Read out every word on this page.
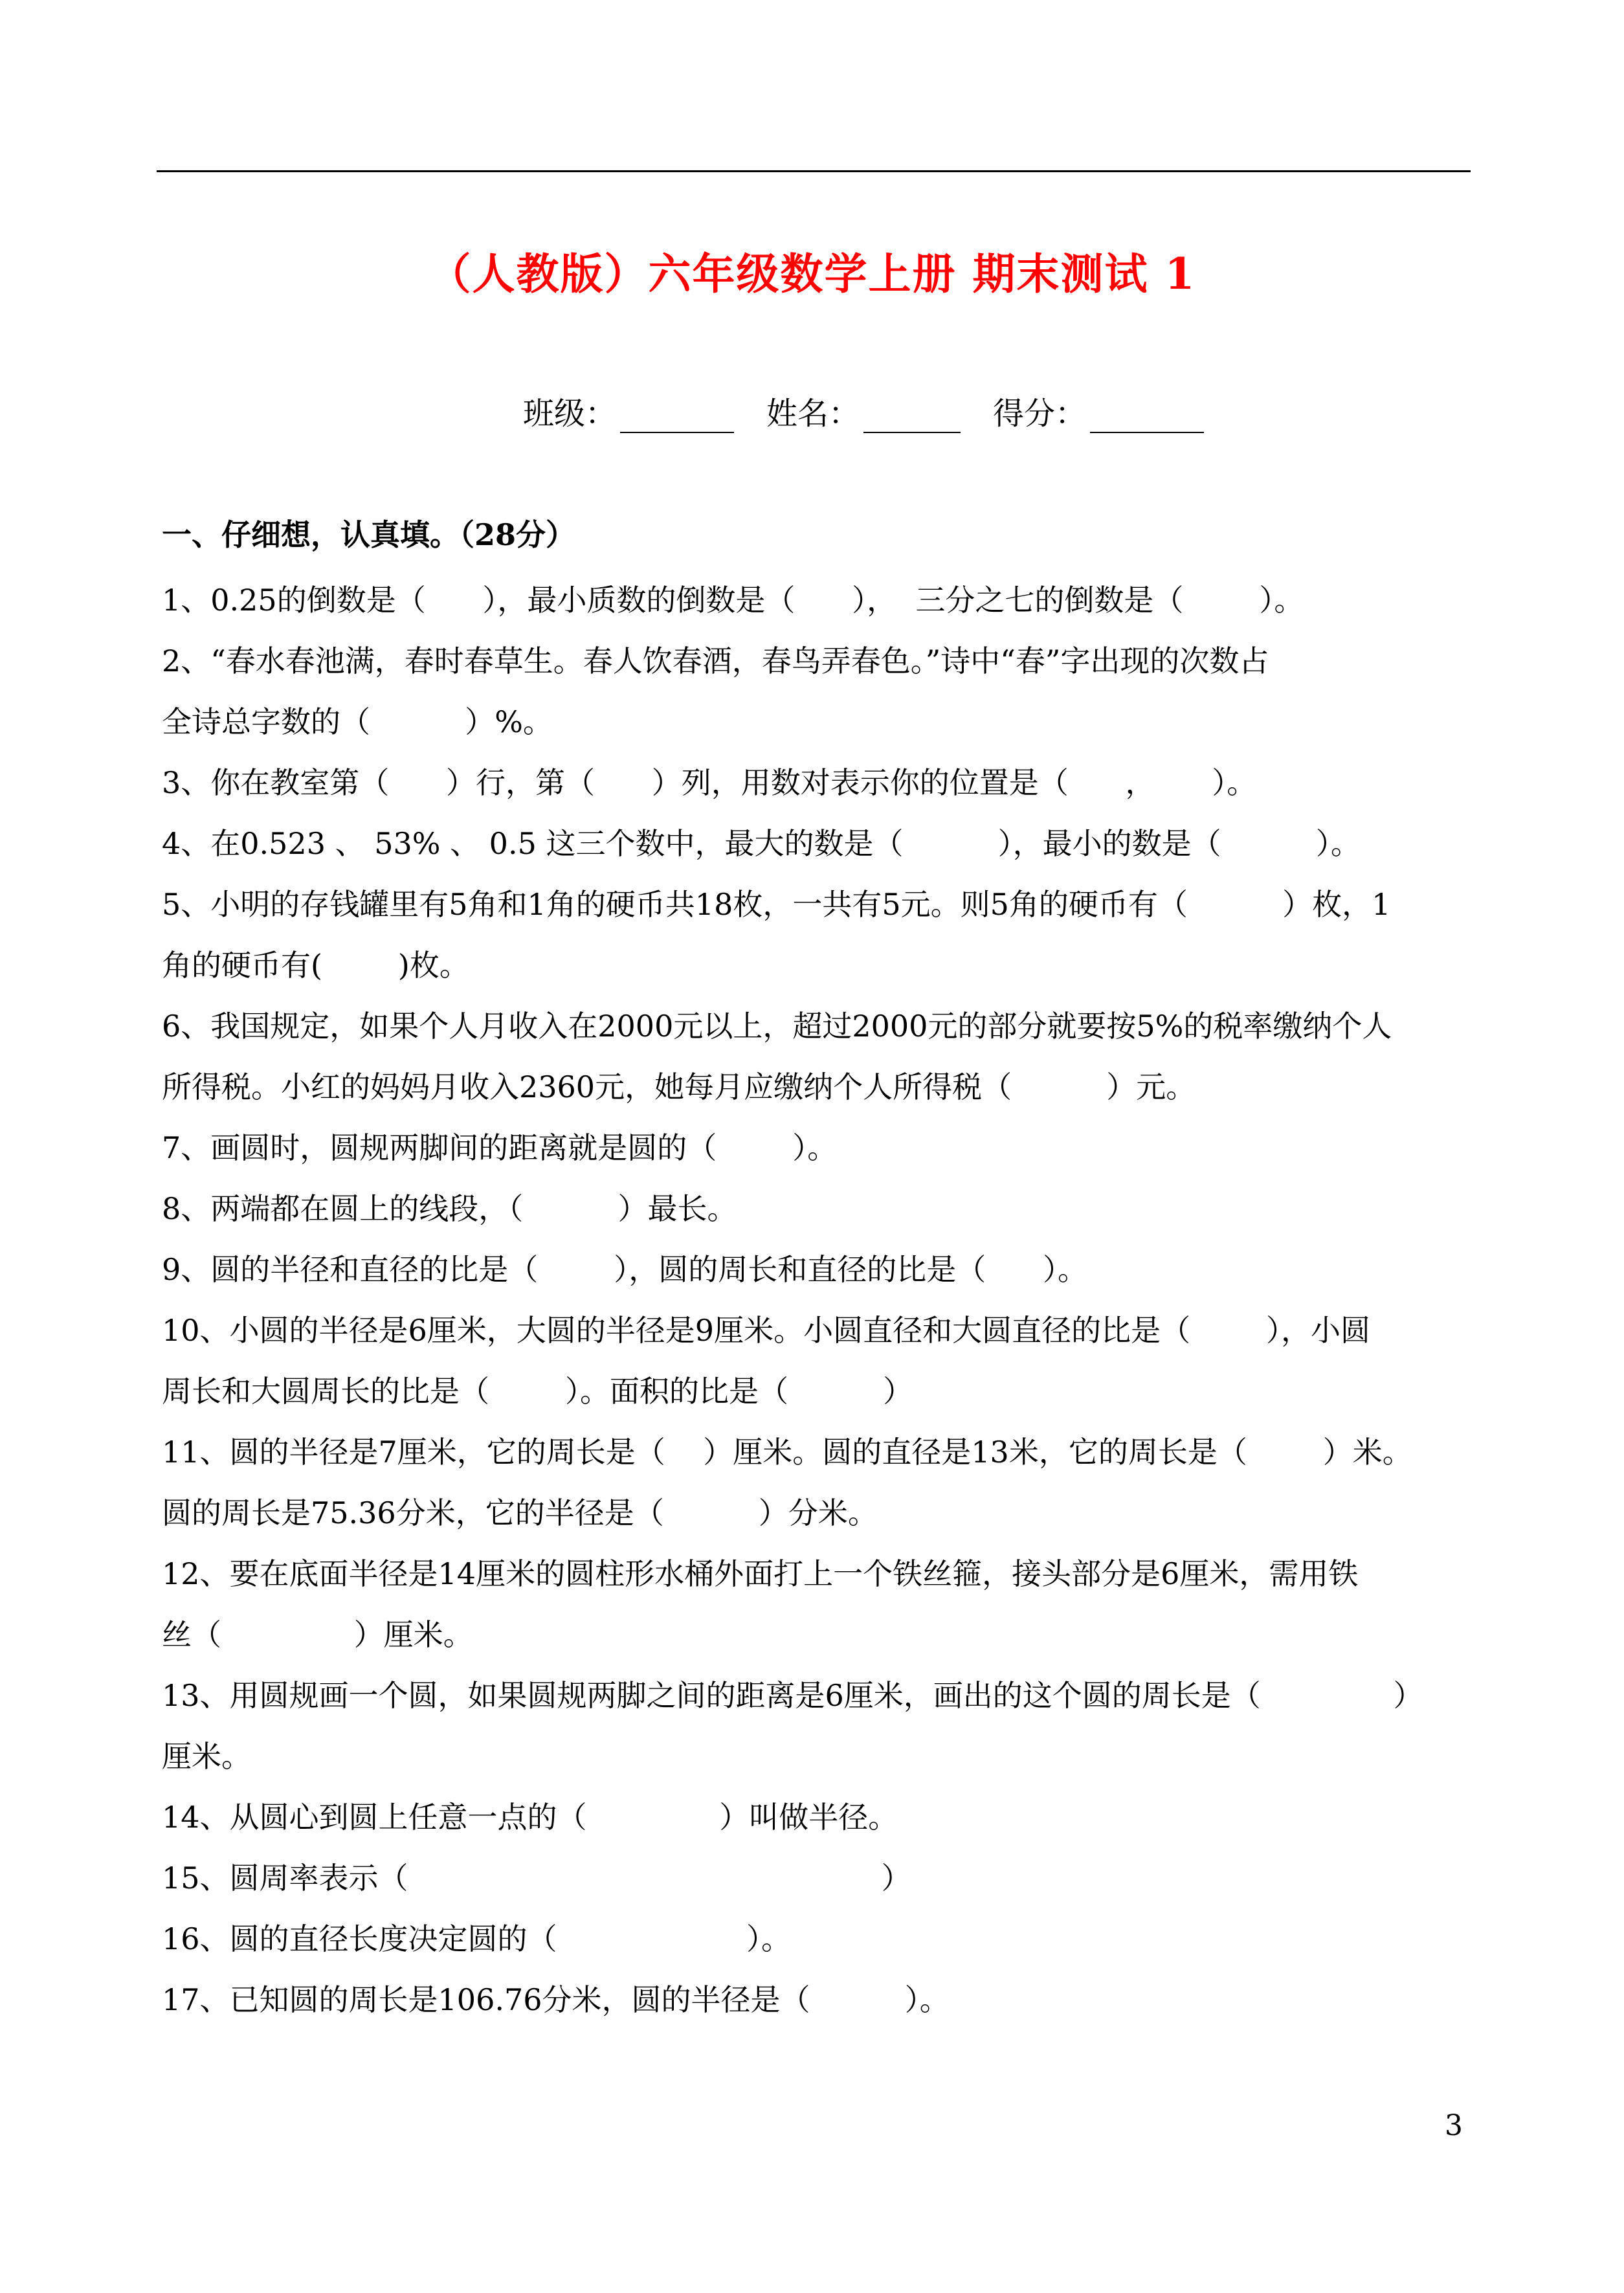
（人教版）六年级数学上册 期末测试 1
班级：	姓名：	得分：
一、仔细想，认真填。（28分）
1、0.25的倒数是（      ），最小质数的倒数是（      ），  三分之七的倒数是（        ）。
2、“春水春池满，春时春草生。春人饮春酒，春鸟弄春色。”诗中“春”字出现的次数占
全诗总字数的（          ）%。
3、你在教室第（      ）行，第（      ）列，用数对表示你的位置是（      ，      ）。
4、在0.523 、 53% 、 0.5 这三个数中，最大的数是（          ），最小的数是（          ）。
5、小明的存钱罐里有5角和1角的硬币共18枚，一共有5元。则5角的硬币有（          ）枚，1
角的硬币有(        )枚。
6、我国规定，如果个人月收入在2000元以上，超过2000元的部分就要按5%的税率缴纳个人
所得税。小红的妈妈月收入2360元，她每月应缴纳个人所得税（          ）元。
7、画圆时，圆规两脚间的距离就是圆的（        ）。
8、两端都在圆上的线段，（          ）最长。
9、圆的半径和直径的比是（        ），圆的周长和直径的比是（      ）。
10、小圆的半径是6厘米，大圆的半径是9厘米。小圆直径和大圆直径的比是（        ），小圆
周长和大圆周长的比是（        ）。面积的比是（          ）
11、圆的半径是7厘米，它的周长是（    ）厘米。圆的直径是13米，它的周长是（        ）米。
圆的周长是75.36分米，它的半径是（          ）分米。
12、要在底面半径是14厘米的圆柱形水桶外面打上一个铁丝箍，接头部分是6厘米，需用铁
丝（              ）厘米。
13、用圆规画一个圆，如果圆规两脚之间的距离是6厘米，画出的这个圆的周长是（              ）
厘米。
14、从圆心到圆上任意一点的（              ）叫做半径。
15、圆周率表示（                                                  ）
16、圆的直径长度决定圆的（                    ）。
17、已知圆的周长是106.76分米，圆的半径是（          ）。
3
